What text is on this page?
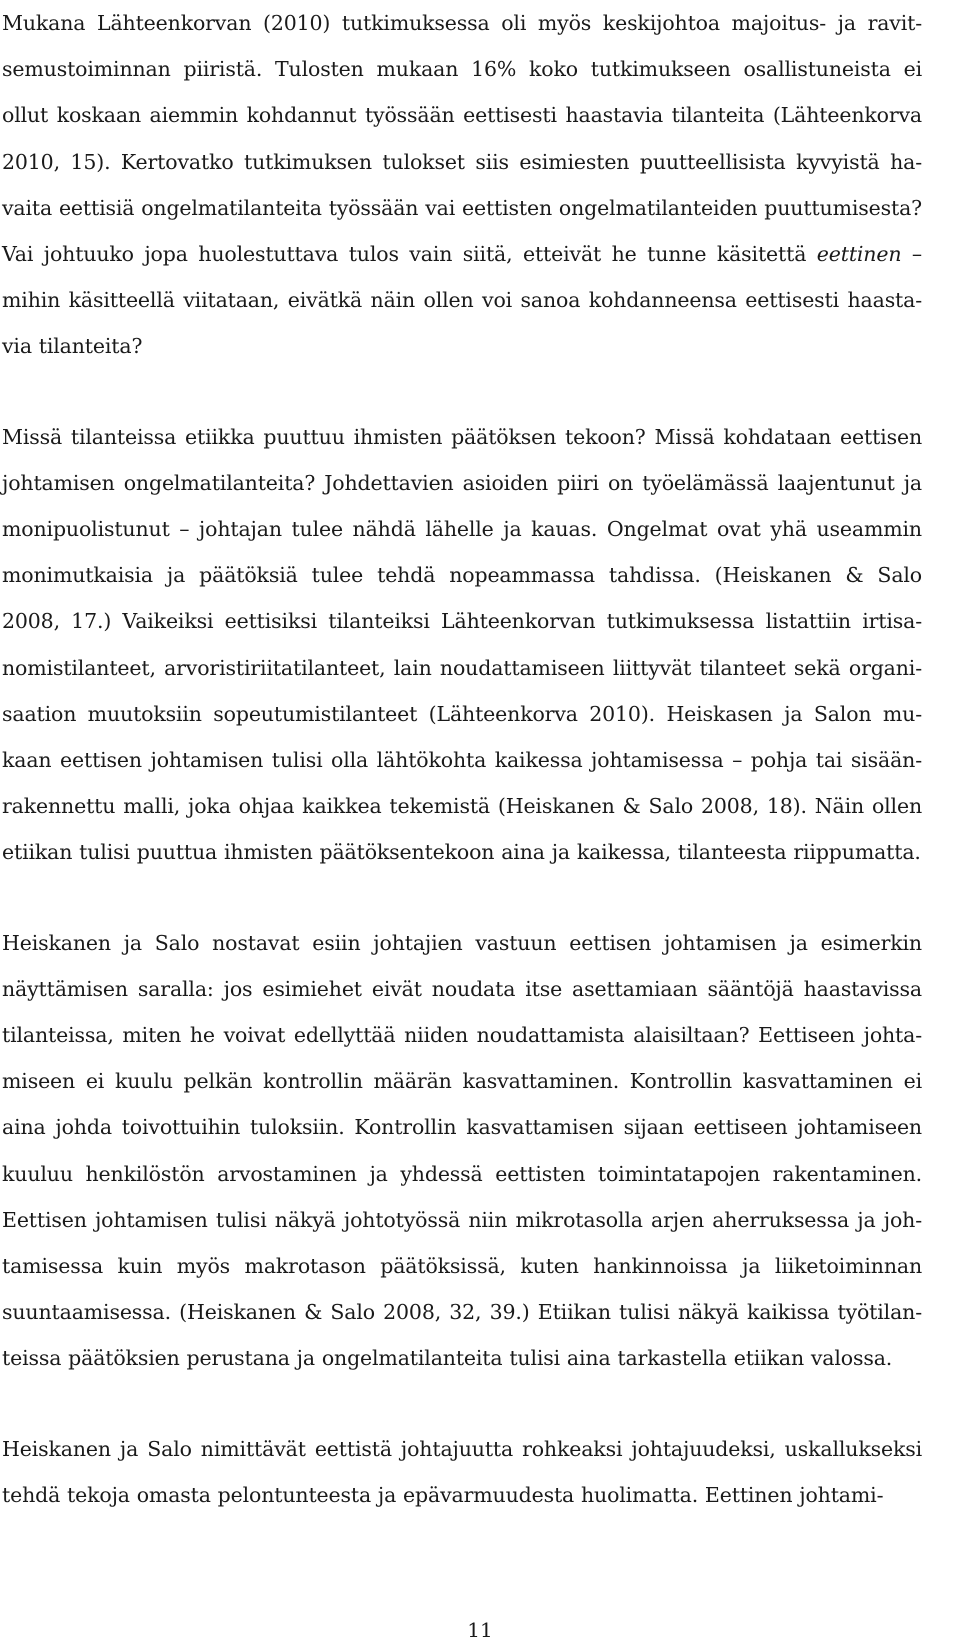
Mukana Lähteenkorvan (2010) tutkimuksessa oli myös keskijohtoa majoitus- ja ravit-semustoiminnan piiristä. Tulosten mukaan 16% koko tutkimukseen osallistuneista ei ollut koskaan aiemmin kohdannut työssään eettisesti haastavia tilanteita (Lähteenkorva 2010, 15). Kertovatko tutkimuksen tulokset siis esimiesten puutteellisista kyvyistä ha-vaita eettisiä ongelmatilanteita työssään vai eettisten ongelmatilanteiden puuttumisesta? Vai johtuuko jopa huolestuttava tulos vain siitä, etteivät he tunne käsitettä eettinen – mihin käsitteellä viitataan, eivätkä näin ollen voi sanoa kohdanneensa eettisesti haasta-via tilanteita?

Missä tilanteissa etiikka puuttuu ihmisten päätöksen tekoon? Missä kohdataan eettisen johtamisen ongelmatilanteita? Johdettavien asioiden piiri on työelämässä laajentunut ja monipuolistunut – johtajan tulee nähdä lähelle ja kauas. Ongelmat ovat yhä useammin monimutkaisia ja päätöksiä tulee tehdä nopeammassa tahdissa. (Heiskanen & Salo 2008, 17.) Vaikeiksi eettisiksi tilanteiksi Lähteenkorvan tutkimuksessa listattiin irtisa-nomistilanteet, arvoristiriitatilanteet, lain noudattamiseen liittyvät tilanteet sekä organi-saation muutoksiin sopeutumistilanteet (Lähteenkorva 2010). Heiskasen ja Salon mu-kaan eettisen johtamisen tulisi olla lähtökohta kaikessa johtamisessa – pohja tai sisään-rakennettu malli, joka ohjaa kaikkea tekemistä (Heiskanen & Salo 2008, 18). Näin ollen etiikan tulisi puuttua ihmisten päätöksentekoon aina ja kaikessa, tilanteesta riippumatta.

Heiskanen ja Salo nostavat esiin johtajien vastuun eettisen johtamisen ja esimerkin näyttämisen saralla: jos esimiehet eivät noudata itse asettamiaan sääntöjä haastavissa tilanteissa, miten he voivat edellyttää niiden noudattamista alaisiltaan? Eettiseen johta-miseen ei kuulu pelkän kontrollin määrän kasvattaminen. Kontrollin kasvattaminen ei aina johda toivottuihin tuloksiin. Kontrollin kasvattamisen sijaan eettiseen johtamiseen kuuluu henkilöstön arvostaminen ja yhdessä eettisten toimintatapojen rakentaminen. Eettisen johtamisen tulisi näkyä johtotyössä niin mikrotasolla arjen aherruksessa ja joh-tamisessa kuin myös makrotason päätöksissä, kuten hankinnoissa ja liiketoiminnan suuntaamisessa. (Heiskanen & Salo 2008, 32, 39.) Etiikan tulisi näkyä kaikissa työtilan-teissa päätöksien perustana ja ongelmatilanteita tulisi aina tarkastella etiikan valossa.

Heiskanen ja Salo nimittävät eettistä johtajuutta rohkeaksi johtajuudeksi, uskallukseksi tehdä tekoja omasta pelontunteesta ja epävarmuudesta huolimatta. Eettinen johtami-

11
